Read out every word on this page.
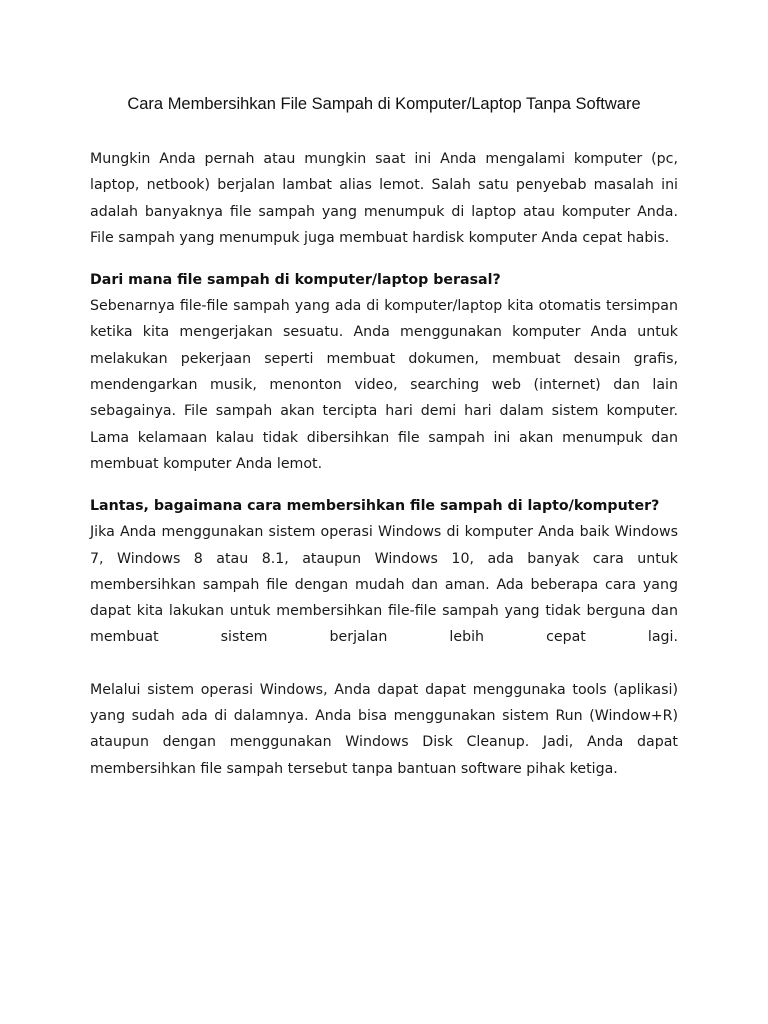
Cara Membersihkan File Sampah di Komputer/Laptop Tanpa Software

Mungkin Anda pernah atau mungkin saat ini Anda mengalami komputer (pc, laptop, netbook) berjalan lambat alias lemot. Salah satu penyebab masalah ini adalah banyaknya file sampah yang menumpuk di laptop atau komputer Anda. File sampah yang menumpuk juga membuat hardisk komputer Anda cepat habis.

Dari mana file sampah di komputer/laptop berasal?

Sebenarnya file-file sampah yang ada di komputer/laptop kita otomatis tersimpan ketika kita mengerjakan sesuatu. Anda menggunakan komputer Anda untuk melakukan pekerjaan seperti membuat dokumen, membuat desain grafis, mendengarkan musik, menonton video, searching web (internet) dan lain sebagainya. File sampah akan tercipta hari demi hari dalam sistem komputer. Lama kelamaan kalau tidak dibersihkan file sampah ini akan menumpuk dan membuat komputer Anda lemot.

Lantas, bagaimana cara membersihkan file sampah di lapto/komputer?

Jika Anda menggunakan sistem operasi Windows di komputer Anda baik Windows 7, Windows 8 atau 8.1, ataupun Windows 10, ada banyak cara untuk membersihkan sampah file dengan mudah dan aman. Ada beberapa cara yang dapat kita lakukan untuk membersihkan file-file sampah yang tidak berguna dan membuat sistem berjalan lebih cepat lagi.

Melalui sistem operasi Windows, Anda dapat dapat menggunaka tools (aplikasi) yang sudah ada di dalamnya. Anda bisa menggunakan sistem Run (Window+R) ataupun dengan menggunakan Windows Disk Cleanup. Jadi, Anda dapat membersihkan file sampah tersebut tanpa bantuan software pihak ketiga.
